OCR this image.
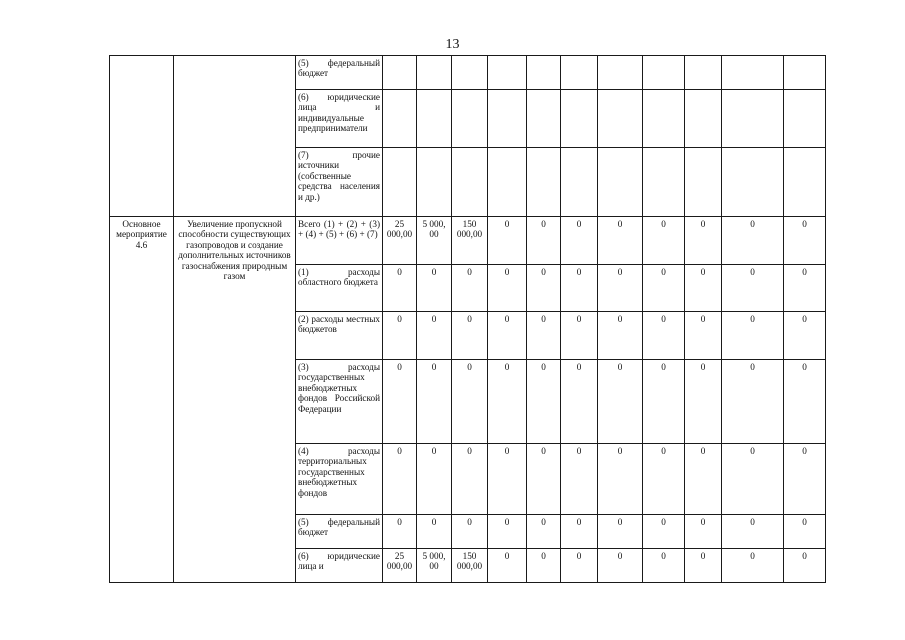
13
		(5) федеральный бюджет											
		(6) юридические лица и индивидуальные предприниматели											
		(7) прочие источники (собственные средства населения и др.)											
Основное мероприятие 4.6	Увеличение пропускной способности существующих газопроводов и создание дополнительных источников газоснабжения природным газом	Всего (1) + (2) + (3) + (4) + (5) + (6) + (7)	25 000,00	5 000, 00	150 000,00	0	0	0	0	0	0	0	0
		(1) расходы областного бюджета	0	0	0	0	0	0	0	0	0	0	0
		(2) расходы местных бюджетов	0	0	0	0	0	0	0	0	0	0	0
		(3) расходы государственных внебюджетных фондов Российской Федерации	0	0	0	0	0	0	0	0	0	0	0
		(4) расходы территориальных государственных внебюджетных фондов	0	0	0	0	0	0	0	0	0	0	0
		(5) федеральный бюджет	0	0	0	0	0	0	0	0	0	0	0
		(6) юридические лица и	25 000,00	5 000, 00	150 000,00	0	0	0	0	0	0	0	0
